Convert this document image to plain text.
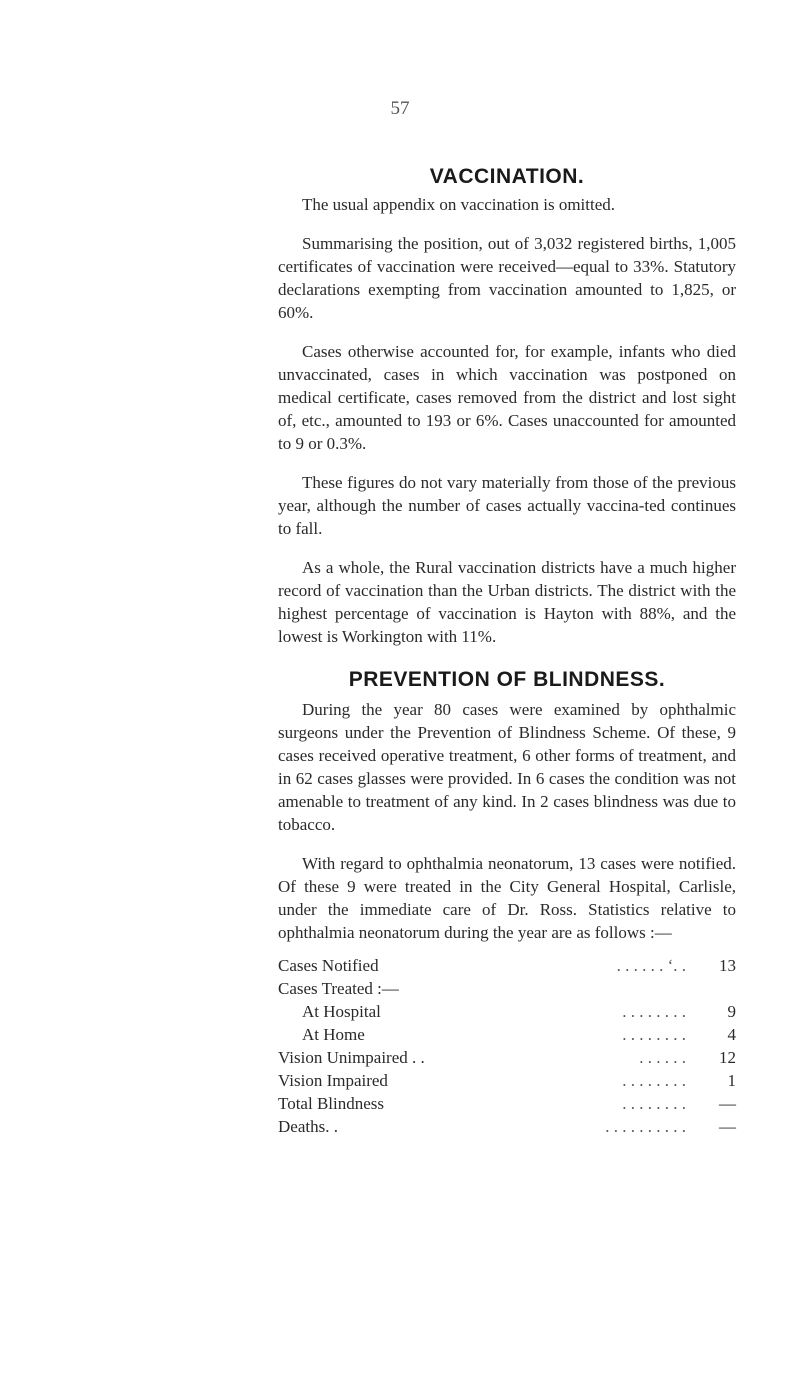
57
VACCINATION.

The usual appendix on vaccination is omitted.

Summarising the position, out of 3,032 registered births, 1,005 certificates of vaccination were received—equal to 33%. Statutory declarations exempting from vaccination amounted to 1,825, or 60%.

Cases otherwise accounted for, for example, infants who died unvaccinated, cases in which vaccination was postponed on medical certificate, cases removed from the district and lost sight of, etc., amounted to 193 or 6%. Cases unaccounted for amounted to 9 or 0.3%.

These figures do not vary materially from those of the previous year, although the number of cases actually vaccina-ted continues to fall.

As a whole, the Rural vaccination districts have a much higher record of vaccination than the Urban districts. The district with the highest percentage of vaccination is Hayton with 88%, and the lowest is Workington with 11%.

PREVENTION OF BLINDNESS.

During the year 80 cases were examined by ophthalmic surgeons under the Prevention of Blindness Scheme. Of these, 9 cases received operative treatment, 6 other forms of treatment, and in 62 cases glasses were provided. In 6 cases the condition was not amenable to treatment of any kind. In 2 cases blindness was due to tobacco.

With regard to ophthalmia neonatorum, 13 cases were notified. Of these 9 were treated in the City General Hospital, Carlisle, under the immediate care of Dr. Ross. Statistics relative to ophthalmia neonatorum during the year are as follows :—

Cases Notified	. . . . . . ‘. .	13
Cases Treated :—
At Hospital	. . . . . . . .	9
At Home	. . . . . . . .	4
Vision Unimpaired . .	. . . . . .	12
Vision Impaired	. . . . . . . .	1
Total Blindness	. . . . . . . .	—
Deaths. .	. . . . . . . . . .	—
